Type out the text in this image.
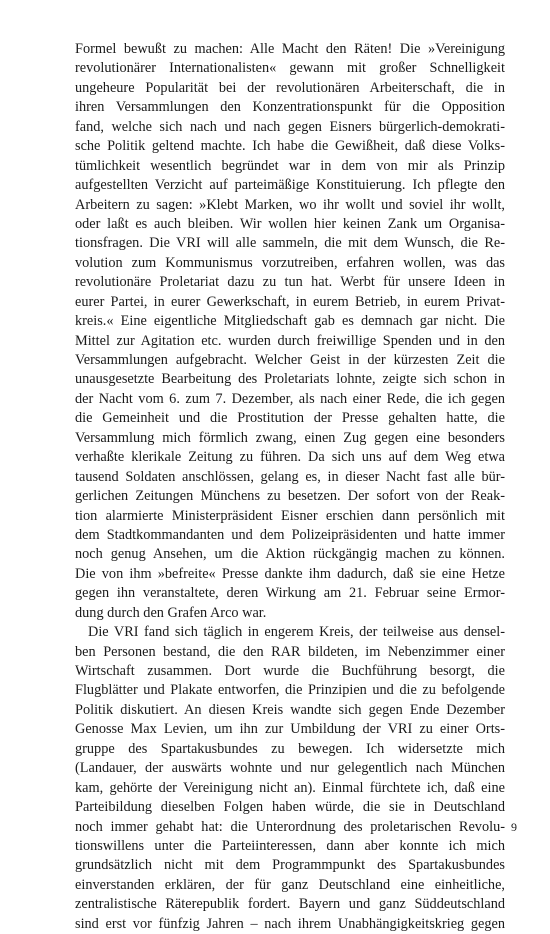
Formel bewußt zu machen: Alle Macht den Räten! Die »Vereinigung
revolutionärer Internationalisten« gewann mit großer Schnelligkeit
ungeheure Popularität bei der revolutionären Arbeiterschaft, die in
ihren Versammlungen den Konzentrationspunkt für die Opposition
fand, welche sich nach und nach gegen Eisners bürgerlich-demokrati-
sche Politik geltend machte. Ich habe die Gewißheit, daß diese Volks-
tümlichkeit wesentlich begründet war in dem von mir als Prinzip
aufgestellten Verzicht auf parteimäßige Konstituierung. Ich pflegte den
Arbeitern zu sagen: »Klebt Marken, wo ihr wollt und soviel ihr wollt,
oder laßt es auch bleiben. Wir wollen hier keinen Zank um Organisa-
tionsfragen. Die VRI will alle sammeln, die mit dem Wunsch, die Re-
volution zum Kommunismus vorzutreiben, erfahren wollen, was das
revolutionäre Proletariat dazu zu tun hat. Werbt für unsere Ideen in
eurer Partei, in eurer Gewerkschaft, in eurem Betrieb, in eurem Privat-
kreis.« Eine eigentliche Mitgliedschaft gab es demnach gar nicht. Die
Mittel zur Agitation etc. wurden durch freiwillige Spenden und in den
Versammlungen aufgebracht. Welcher Geist in der kürzesten Zeit die
unausgesetzte Bearbeitung des Proletariats lohnte, zeigte sich schon in
der Nacht vom 6. zum 7. Dezember, als nach einer Rede, die ich gegen
die Gemeinheit und die Prostitution der Presse gehalten hatte, die
Versammlung mich förmlich zwang, einen Zug gegen eine besonders
verhaßte klerikale Zeitung zu führen. Da sich uns auf dem Weg etwa
tausend Soldaten anschlössen, gelang es, in dieser Nacht fast alle bür-
gerlichen Zeitungen Münchens zu besetzen. Der sofort von der Reak-
tion alarmierte Ministerpräsident Eisner erschien dann persönlich mit
dem Stadtkommandanten und dem Polizeipräsidenten und hatte immer
noch genug Ansehen, um die Aktion rückgängig machen zu können.
Die von ihm »befreite« Presse dankte ihm dadurch, daß sie eine Hetze
gegen ihn veranstaltete, deren Wirkung am 21. Februar seine Ermor-
dung durch den Grafen Arco war.
Die VRI fand sich täglich in engerem Kreis, der teilweise aus densel-
ben Personen bestand, die den RAR bildeten, im Nebenzimmer einer
Wirtschaft zusammen. Dort wurde die Buchführung besorgt, die
Flugblätter und Plakate entworfen, die Prinzipien und die zu befolgende
Politik diskutiert. An diesen Kreis wandte sich gegen Ende Dezember
Genosse Max Levien, um ihn zur Umbildung der VRI zu einer Orts-
gruppe des Spartakusbundes zu bewegen. Ich widersetzte mich
(Landauer, der auswärts wohnte und nur gelegentlich nach München
kam, gehörte der Vereinigung nicht an). Einmal fürchtete ich, daß eine
Parteibildung dieselben Folgen haben würde, die sie in Deutschland
noch immer gehabt hat: die Unterordnung des proletarischen Revolu-
tionswillens unter die Parteiinteressen, dann aber konnte ich mich
grundsätzlich nicht mit dem Programmpunkt des Spartakusbundes
einverstanden erklären, der für ganz Deutschland eine einheitliche,
zentralistische Räterepublik fordert. Bayern und ganz Süddeutschland
sind erst vor fünfzig Jahren – nach ihrem Unabhängigkeitskrieg gegen
9
